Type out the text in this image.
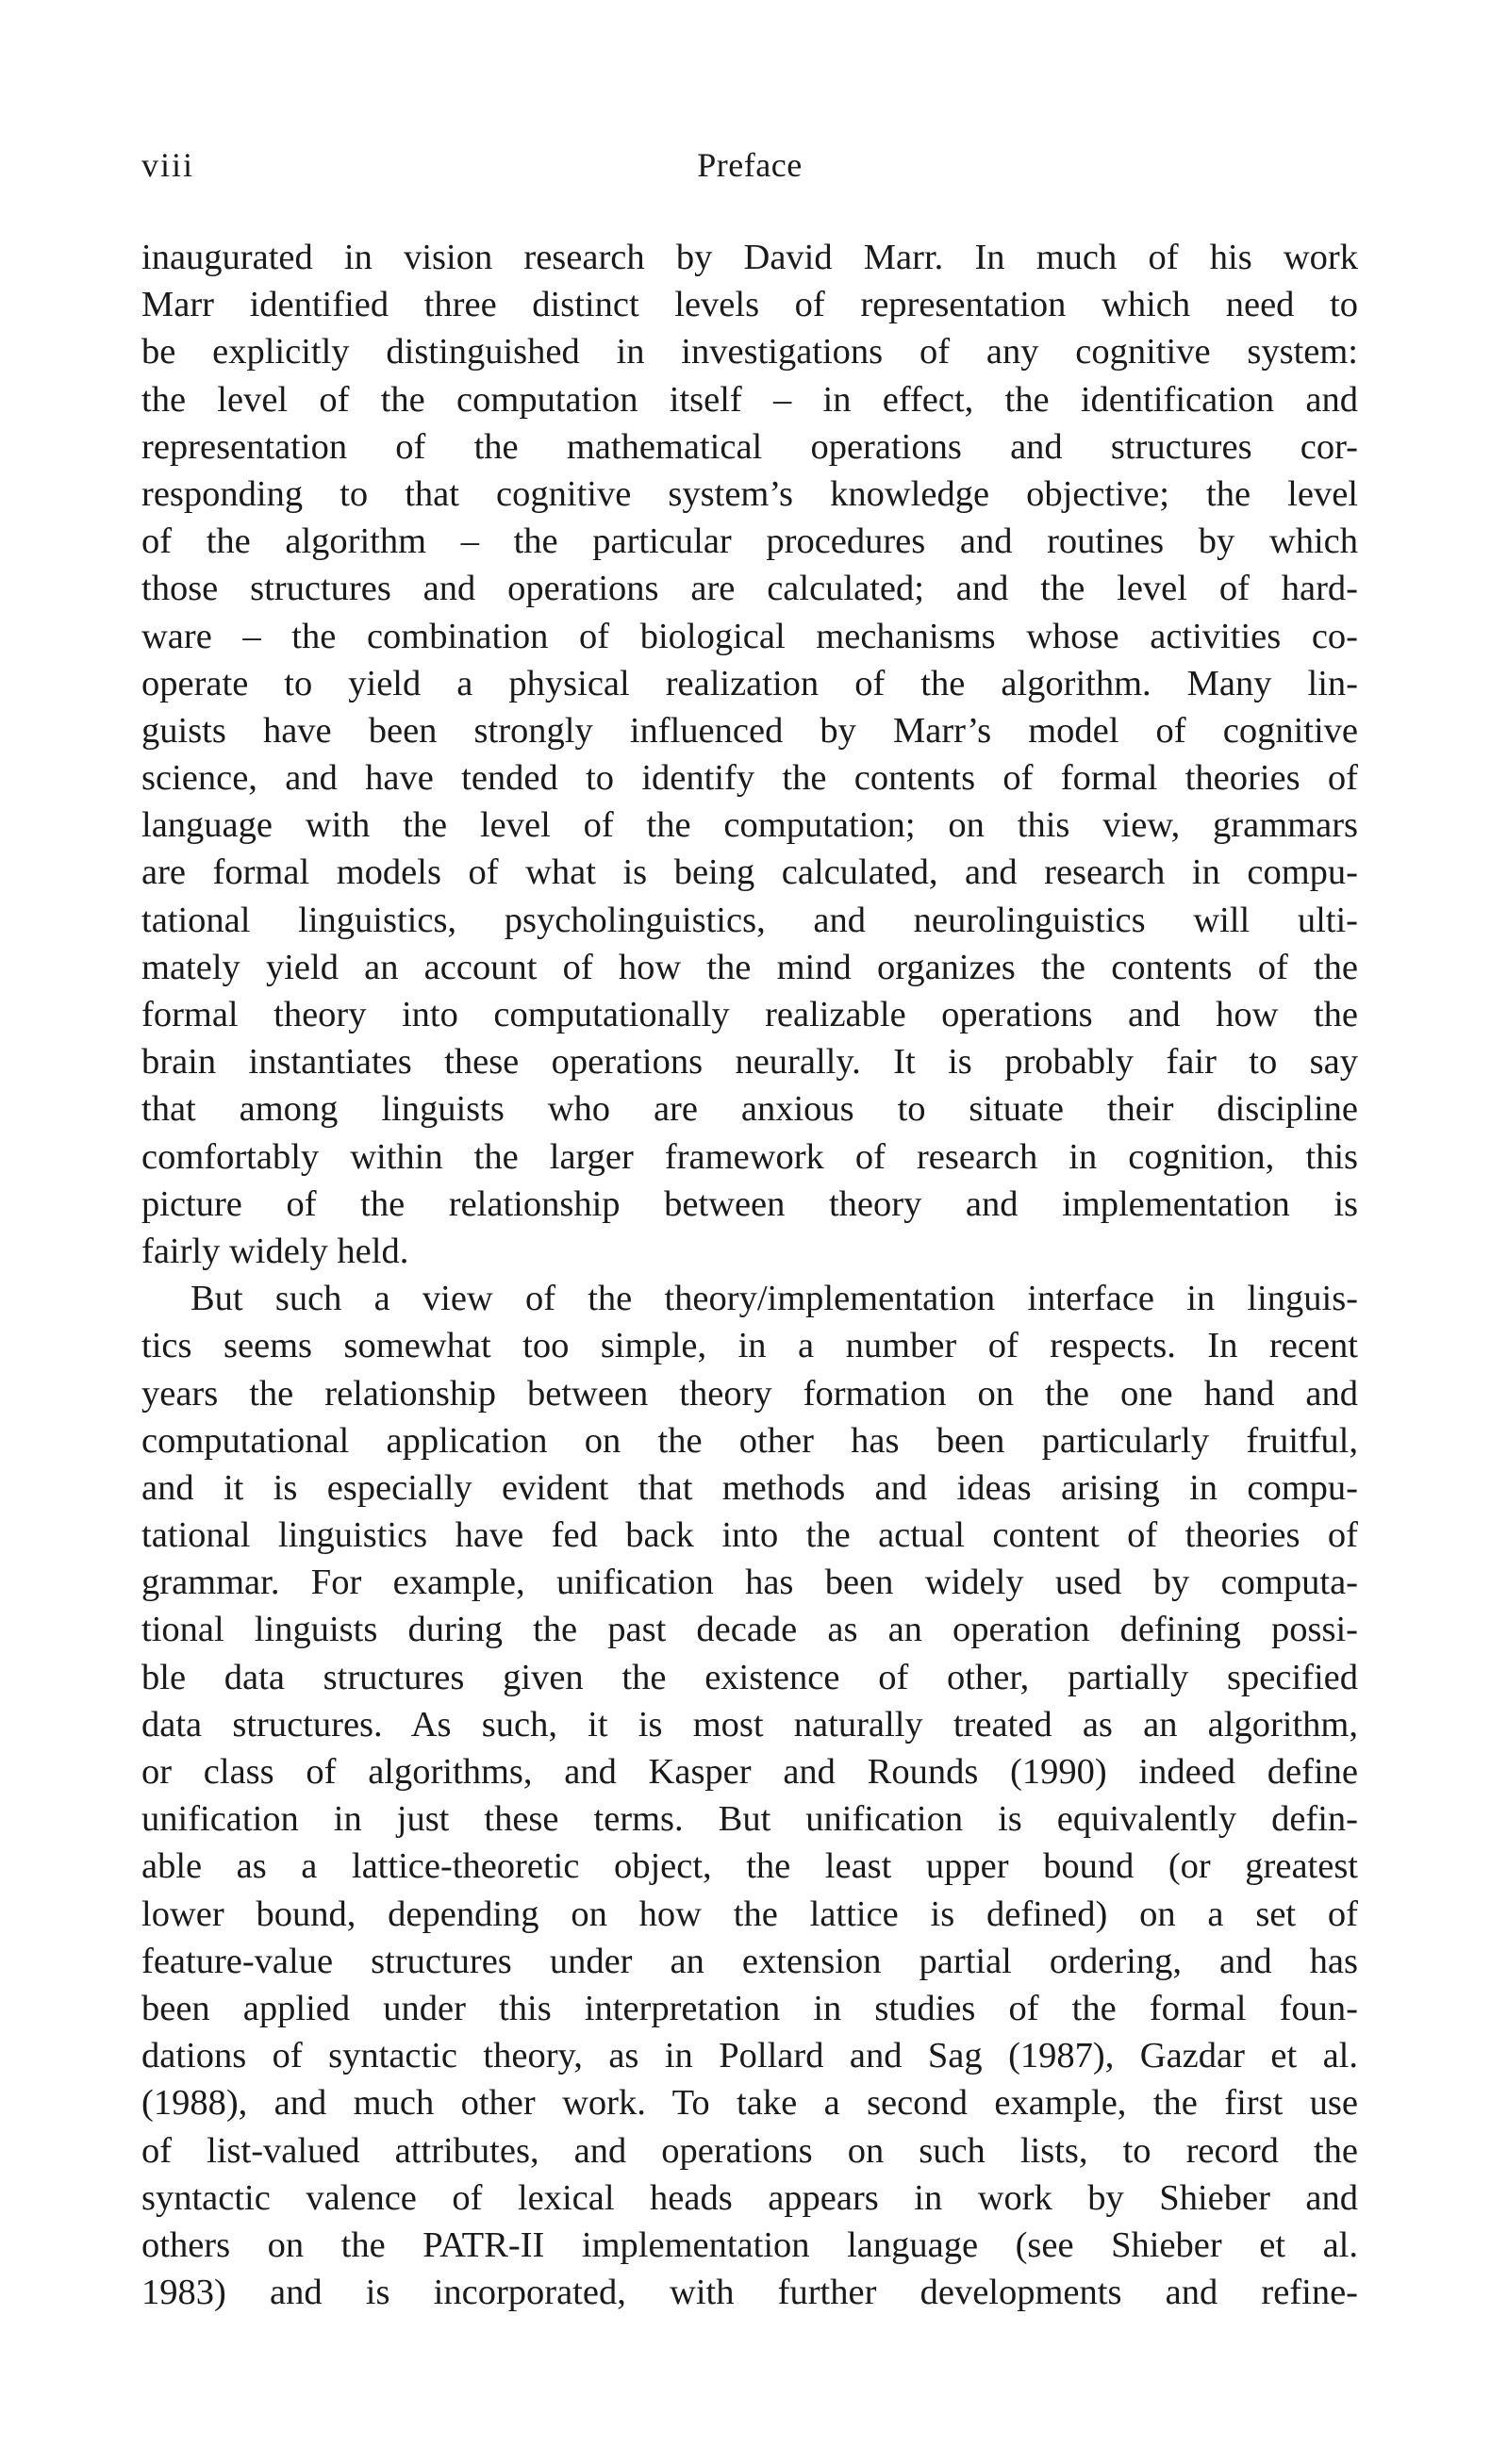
viii	Preface
inaugurated in vision research by David Marr. In much of his work
Marr identified three distinct levels of representation which need to
be explicitly distinguished in investigations of any cognitive system:
the level of the computation itself – in effect, the identification and
representation of the mathematical operations and structures cor-
responding to that cognitive system’s knowledge objective; the level
of the algorithm – the particular procedures and routines by which
those structures and operations are calculated; and the level of hard-
ware – the combination of biological mechanisms whose activities co-
operate to yield a physical realization of the algorithm. Many lin-
guists have been strongly influenced by Marr’s model of cognitive
science, and have tended to identify the contents of formal theories of
language with the level of the computation; on this view, grammars
are formal models of what is being calculated, and research in compu-
tational linguistics, psycholinguistics, and neurolinguistics will ulti-
mately yield an account of how the mind organizes the contents of the
formal theory into computationally realizable operations and how the
brain instantiates these operations neurally. It is probably fair to say
that among linguists who are anxious to situate their discipline
comfortably within the larger framework of research in cognition, this
picture of the relationship between theory and implementation is
fairly widely held.
But such a view of the theory/implementation interface in linguis-
tics seems somewhat too simple, in a number of respects. In recent
years the relationship between theory formation on the one hand and
computational application on the other has been particularly fruitful,
and it is especially evident that methods and ideas arising in compu-
tational linguistics have fed back into the actual content of theories of
grammar. For example, unification has been widely used by computa-
tional linguists during the past decade as an operation defining possi-
ble data structures given the existence of other, partially specified
data structures. As such, it is most naturally treated as an algorithm,
or class of algorithms, and Kasper and Rounds (1990) indeed define
unification in just these terms. But unification is equivalently defin-
able as a lattice-theoretic object, the least upper bound (or greatest
lower bound, depending on how the lattice is defined) on a set of
feature-value structures under an extension partial ordering, and has
been applied under this interpretation in studies of the formal foun-
dations of syntactic theory, as in Pollard and Sag (1987), Gazdar et al.
(1988), and much other work. To take a second example, the first use
of list-valued attributes, and operations on such lists, to record the
syntactic valence of lexical heads appears in work by Shieber and
others on the PATR-II implementation language (see Shieber et al.
1983) and is incorporated, with further developments and refine-
